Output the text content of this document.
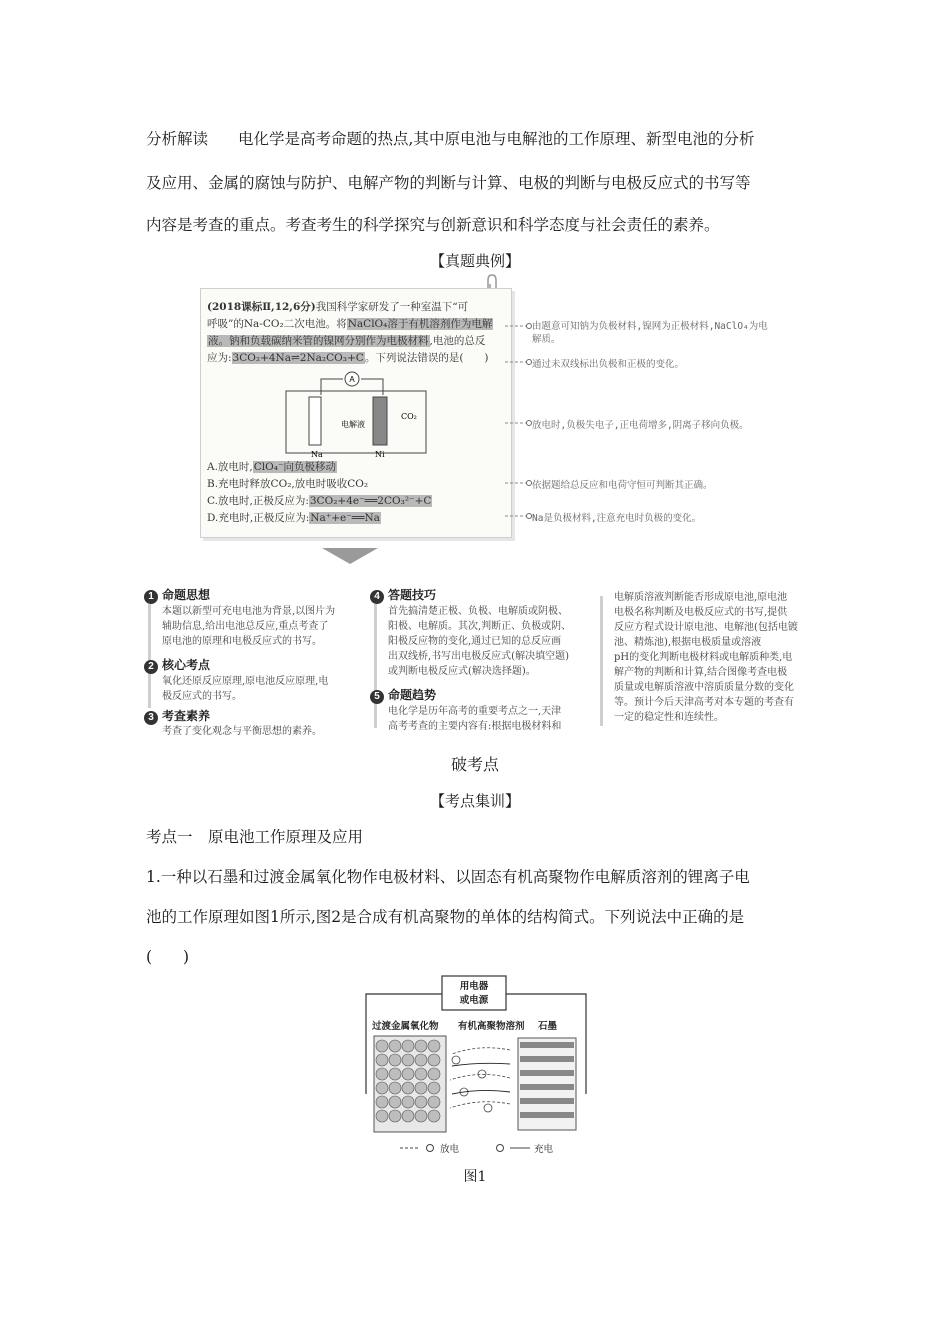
分析解读 电化学是高考命题的热点,其中原电池与电解池的工作原理、新型电池的分析
及应用、金属的腐蚀与防护、电解产物的判断与计算、电极的判断与电极反应式的书写等
内容是考查的重点。考查考生的科学探究与创新意识和科学态度与社会责任的素养。
【真题典例】
(2018课标Ⅱ,12,6分)我国科学家研发了一种室温下“可
呼吸”的Na-CO₂二次电池。将NaClO₄溶于有机溶剂作为电解
液。钠和负载碳纳米管的镍网分别作为电极材料,电池的总反
应为:3CO₂+4Na⇌2Na₂CO₃+C。下列说法错误的是(　　)
A
电解液
Na	Ni
CO₂
A.放电时,ClO₄⁻向负极移动
B.充电时释放CO₂,放电时吸收CO₂
C.放电时,正极反应为:3CO₂+4e⁻══2CO₃²⁻+C
D.充电时,正极反应为:Na⁺+e⁻══Na
由题意可知钠为负极材料,镍网为正极材料,NaClO₄为电解质。
通过未双线标出负极和正极的变化。
放电时,负极失电子,正电荷增多,阴离子移向负极。
依据题给总反应和电荷守恒可判断其正确。
Na是负极材料,注意充电时负极的变化。
1 命题思想
本题以新型可充电电池为背景,以图片为
辅助信息,给出电池总反应,重点考查了
原电池的原理和电极反应式的书写。
2 核心考点
氧化还原反应原理,原电池反应原理,电
极反应式的书写。
3 考查素养
考查了变化观念与平衡思想的素养。
4 答题技巧
首先搞清楚正极、负极、电解质或阴极、
阳极、电解质。其次,判断正、负极或阴、
阳极反应物的变化,通过已知的总反应画
出双线桥,书写出电极反应式(解决填空题)
或判断电极反应式(解决选择题)。
5 命题趋势
电化学是历年高考的重要考点之一,天津
高考考查的主要内容有:根据电极材料和
电解质溶液判断能否形成原电池,原电池
电极名称判断及电极反应式的书写,提供
反应方程式设计原电池、电解池(包括电镀
池、精炼池),根据电极质量或溶液
pH的变化判断电极材料或电解质种类,电
解产物的判断和计算,结合图像考查电极
质量或电解质溶液中溶质质量分数的变化
等。预计今后天津高考对本专题的考查有
一定的稳定性和连续性。
破考点
【考点集训】
考点一　原电池工作原理及应用
1.一种以石墨和过渡金属氧化物作电极材料、以固态有机高聚物作电解质溶剂的锂离子电
池的工作原理如图1所示,图2是合成有机高聚物的单体的结构简式。下列说法中正确的是
(　　)
用电器
或电源
过渡金属氧化物 有机高聚物溶剂 石墨
放电	充电
图1
